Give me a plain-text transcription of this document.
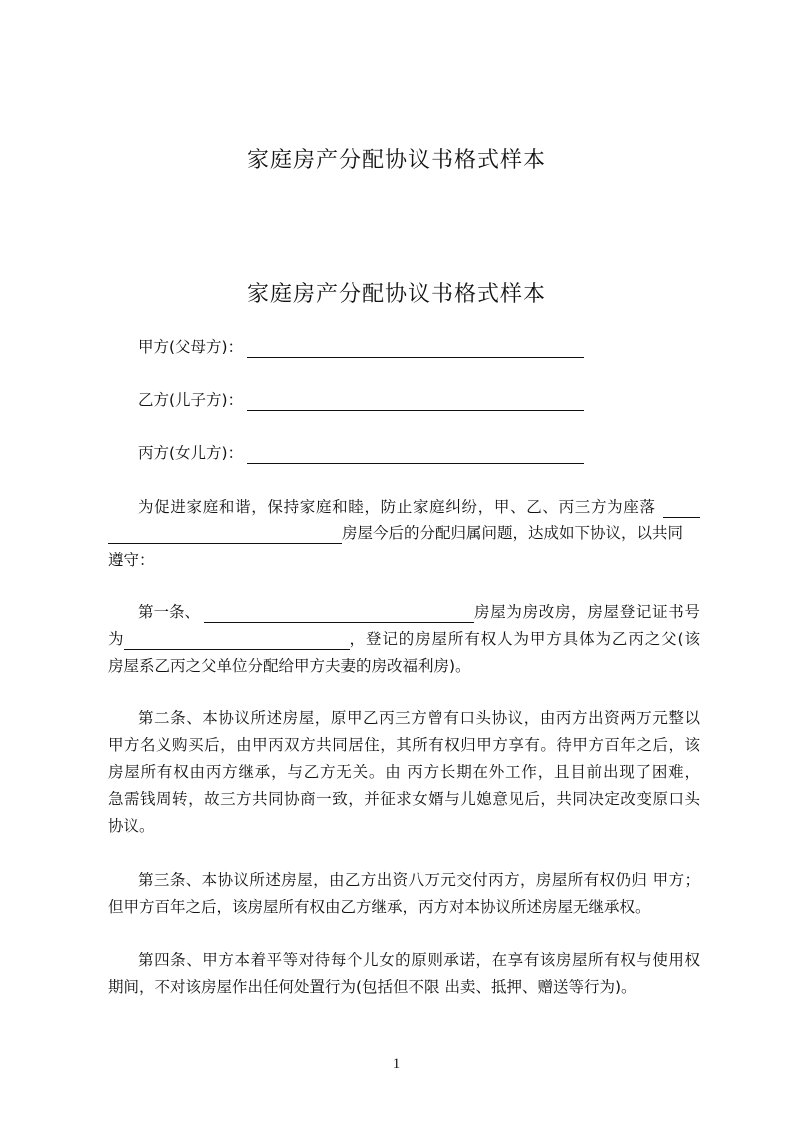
家庭房产分配协议书格式样本
家庭房产分配协议书格式样本
甲方(父母方)：
乙方(儿子方)：
丙方(女儿方)：
为促进家庭和谐，保持家庭和睦，防止家庭纠纷，甲、乙、丙三方为座落
房屋今后的分配归属问题，达成如下协议，以共同
遵守：
第一条、	房屋为房改房，房屋登记证书号
为	，登记的房屋所有权人为甲方具体为乙丙之父(该
房屋系乙丙之父单位分配给甲方夫妻的房改福利房)。
第二条、本协议所述房屋，原甲乙丙三方曾有口头协议，由丙方出资两万元整以
甲方名义购买后，由甲丙双方共同居住，其所有权归甲方享有。待甲方百年之后，该
房屋所有权由丙方继承，与乙方无关。由 丙方长期在外工作，且目前出现了困难，
急需钱周转，故三方共同协商一致，并征求女婿与儿媳意见后，共同决定改变原口头
协议。
第三条、本协议所述房屋，由乙方出资八万元交付丙方，房屋所有权仍归 甲方；
但甲方百年之后，该房屋所有权由乙方继承，丙方对本协议所述房屋无继承权。
第四条、甲方本着平等对待每个儿女的原则承诺，在享有该房屋所有权与使用权
期间，不对该房屋作出任何处置行为(包括但不限 出卖、抵押、赠送等行为)。
1
